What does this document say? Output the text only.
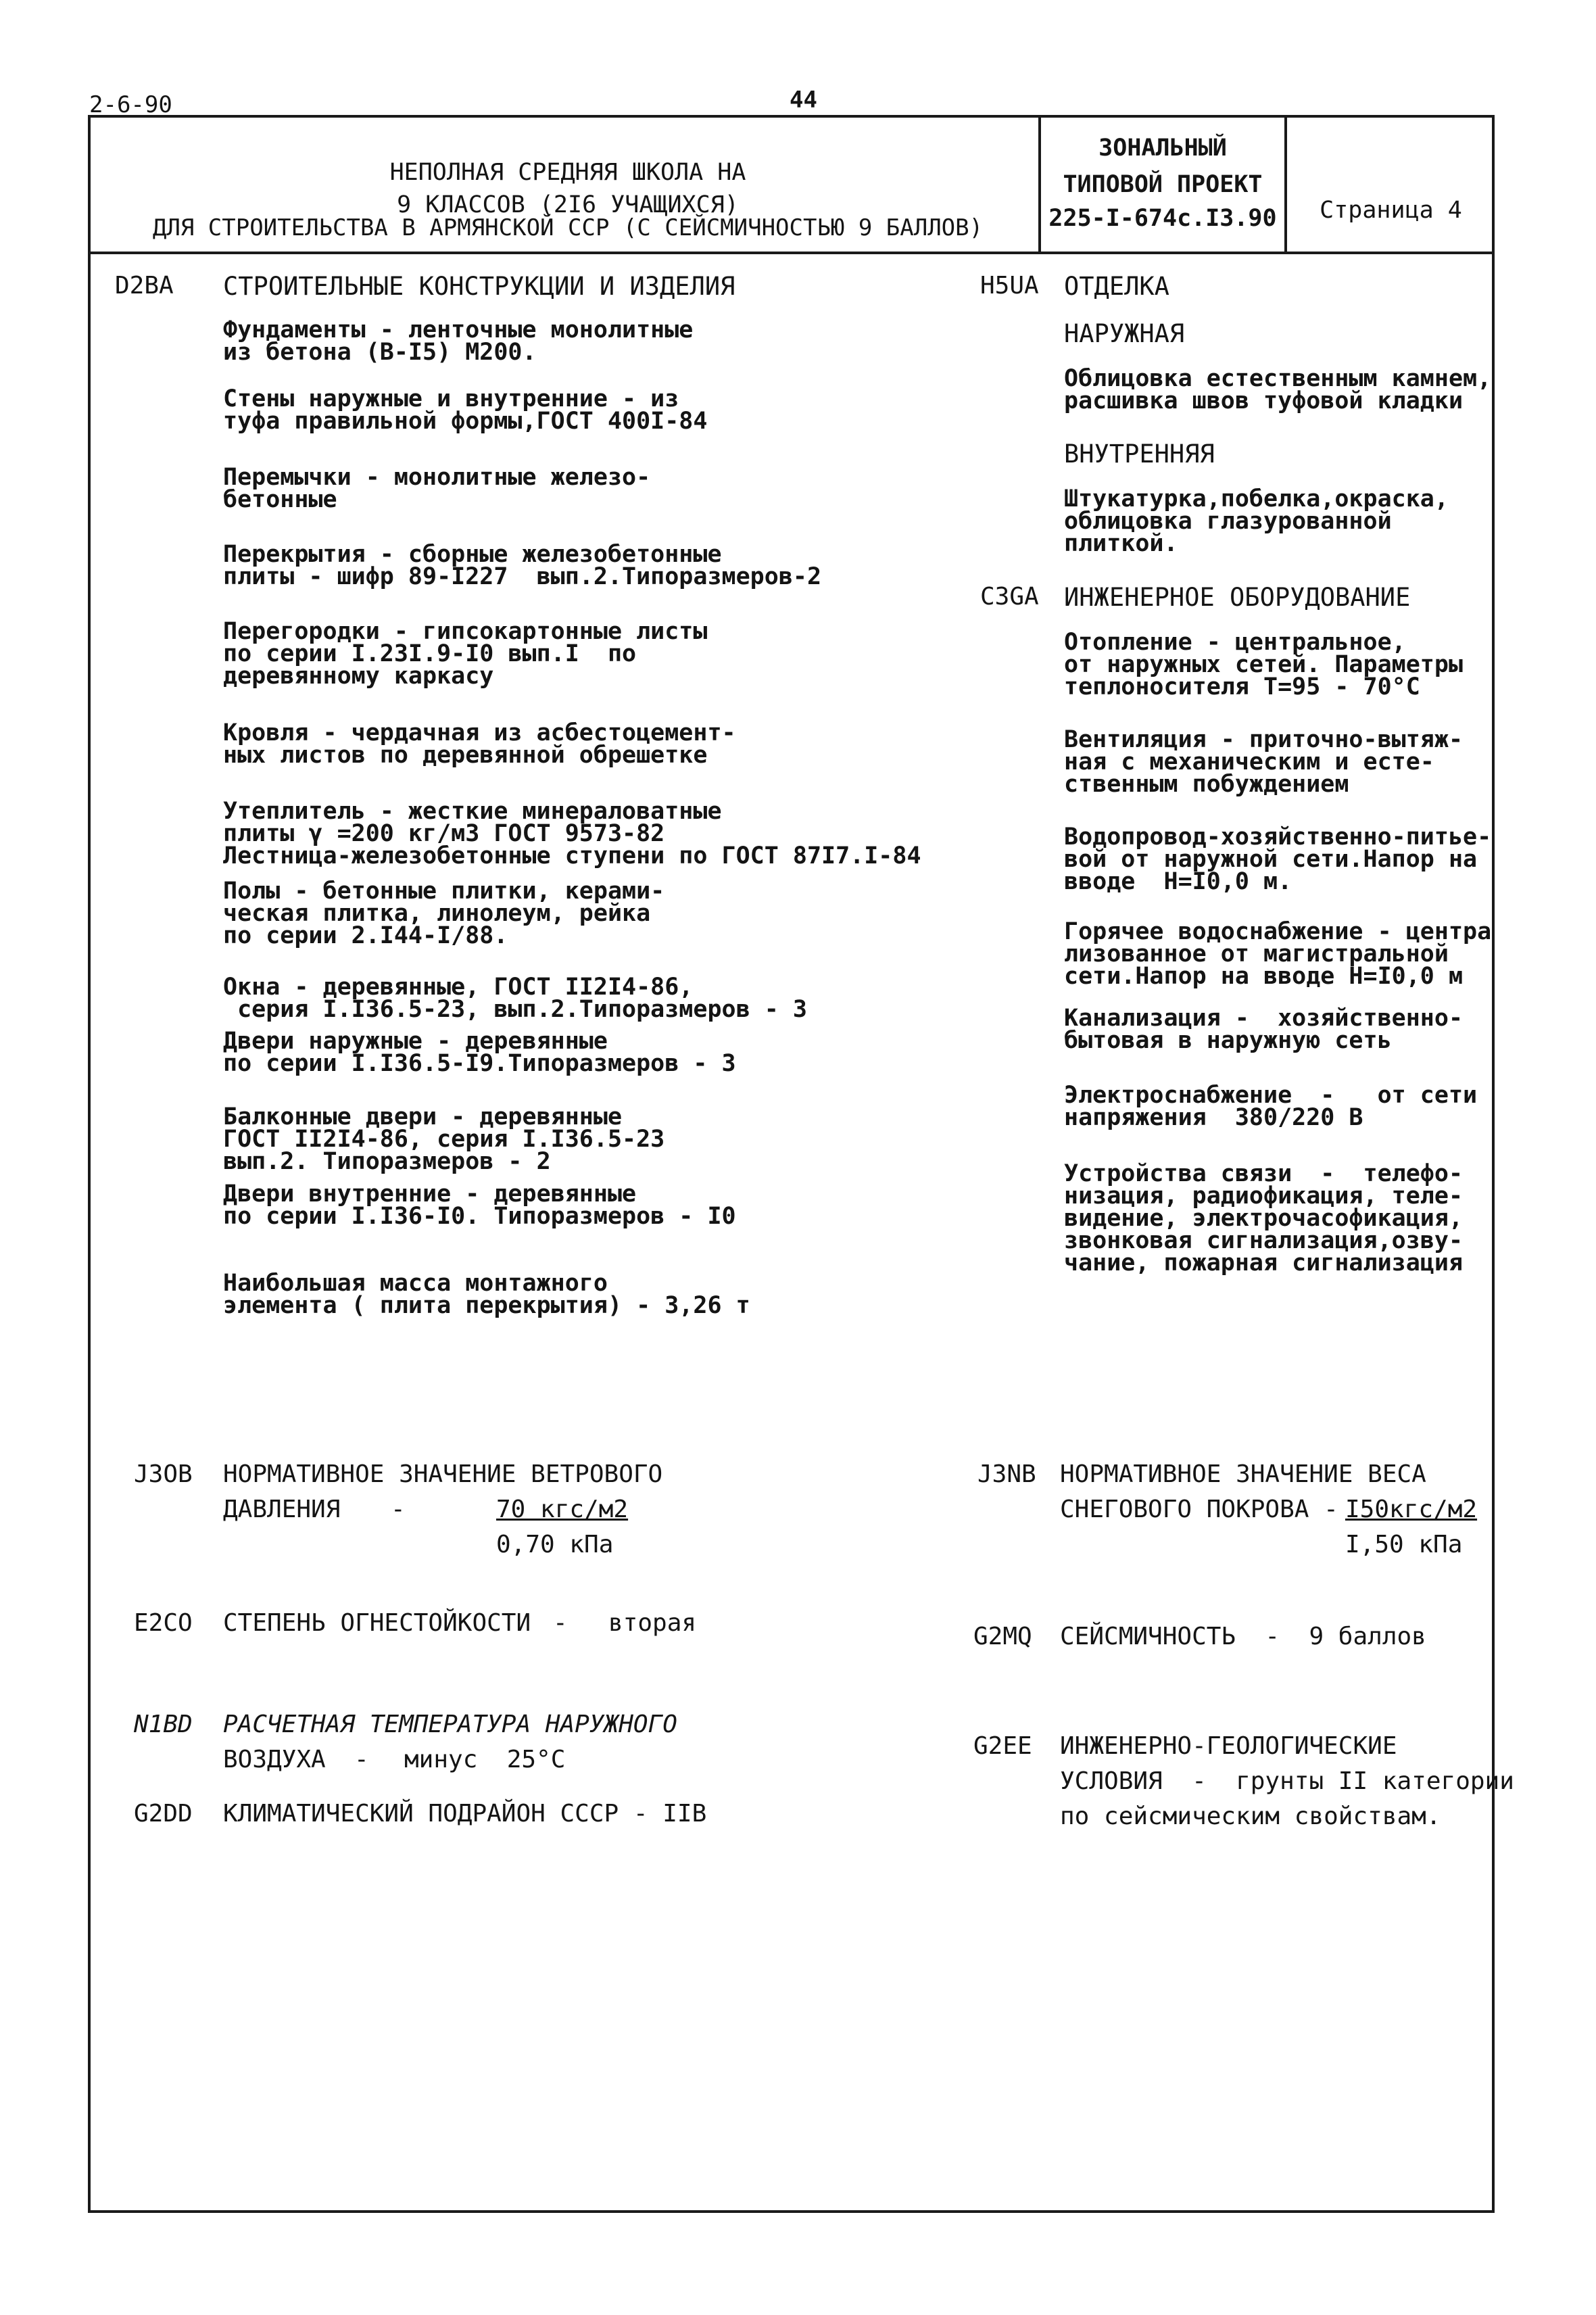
2-6-90	44
НЕПОЛНАЯ СРЕДНЯЯ ШКОЛА НА
9 КЛАССОВ (2I6 УЧАЩИХСЯ)
ДЛЯ СТРОИТЕЛЬСТВА В АРМЯНСКОЙ ССР (С СЕЙСМИЧНОСТЬЮ 9 БАЛЛОВ)
ЗОНАЛЬНЫЙ
ТИПОВОЙ ПРОЕКТ
225-I-674с.I3.90	Страница 4
D2BA СТРОИТЕЛЬНЫЕ КОНСТРУКЦИИ И ИЗДЕЛИЯ
Фундаменты - ленточные монолитные
из бетона (В-I5) М200.
Стены наружные и внутренние - из
туфа правильной формы,ГОСТ 400I-84
Перемычки - монолитные железо-
бетонные
Перекрытия - сборные железобетонные
плиты - шифр 89-I227  вып.2.Типоразмеров-2
Перегородки - гипсокартонные листы
по серии I.23I.9-I0 вып.I  по
деревянному каркасу
Кровля - чердачная из асбестоцемент-
ных листов по деревянной обрешетке
Утеплитель - жесткие минераловатные
плиты γ =200 кг/м3 ГОСТ 9573-82
Лестница-железобетонные ступени по ГОСТ 87I7.I-84
Полы - бетонные плитки, керами-
ческая плитка, линолеум, рейка
по серии 2.I44-I/88.
Окна - деревянные, ГОСТ II2I4-86,
серия I.I36.5-23, вып.2.Типоразмеров - 3
Двери наружные - деревянные
по серии I.I36.5-I9.Типоразмеров - 3
Балконные двери - деревянные
ГОСТ II2I4-86, серия I.I36.5-23
вып.2. Типоразмеров - 2
Двери внутренние - деревянные
по серии I.I36-I0. Типоразмеров - I0
Наибольшая масса монтажного
элемента ( плита перекрытия) - 3,26 т
H5UA ОТДЕЛКА
НАРУЖНАЯ
Облицовка естественным камнем,
расшивка швов туфовой кладки
ВНУТРЕННЯЯ
Штукатурка,побелка,окраска,
облицовка глазурованной
плиткой.
C3GA ИНЖЕНЕРНОЕ ОБОРУДОВАНИЕ
Отопление - центральное,
от наружных сетей. Параметры
теплоносителя T=95 - 70°C
Вентиляция - приточно-вытяж-
ная с механическим и есте-
ственным побуждением
Водопровод-хозяйственно-питье-
вой от наружной сети.Напор на
вводе  H=I0,0 м.
Горячее водоснабжение - центра
лизованное от магистральной
сети.Напор на вводе H=I0,0 м
Канализация -  хозяйственно-
бытовая в наружную сеть
Электроснабжение  -   от сети
напряжения  380/220 В
Устройства связи  -  телефо-
низация, радиофикация, теле-
видение, электрочасофикация,
звонковая сигнализация,озву-
чание, пожарная сигнализация
J3OB НОРМАТИВНОЕ ЗНАЧЕНИЕ ВЕТРОВОГО
ДАВЛЕНИЯ -	70 кгс/м2
0,70 кПа
E2CO СТЕПЕНЬ ОГНЕСТОЙКОСТИ - вторая
N1BD РАСЧЕТНАЯ ТЕМПЕРАТУРА НАРУЖНОГО
ВОЗДУХА - минус  25°C
G2DD КЛИМАТИЧЕСКИЙ ПОДРАЙОН СССР - IIB
J3NB НОРМАТИВНОЕ ЗНАЧЕНИЕ ВЕСА
СНЕГОВОГО ПОКРОВА - I50кгс/м2
I,50 кПа
G2MQ СЕЙСМИЧНОСТЬ  -  9 баллов
G2EE ИНЖЕНЕРНО-ГЕОЛОГИЧЕСКИЕ
УСЛОВИЯ  -  грунты II категории
по сейсмическим свойствам.
